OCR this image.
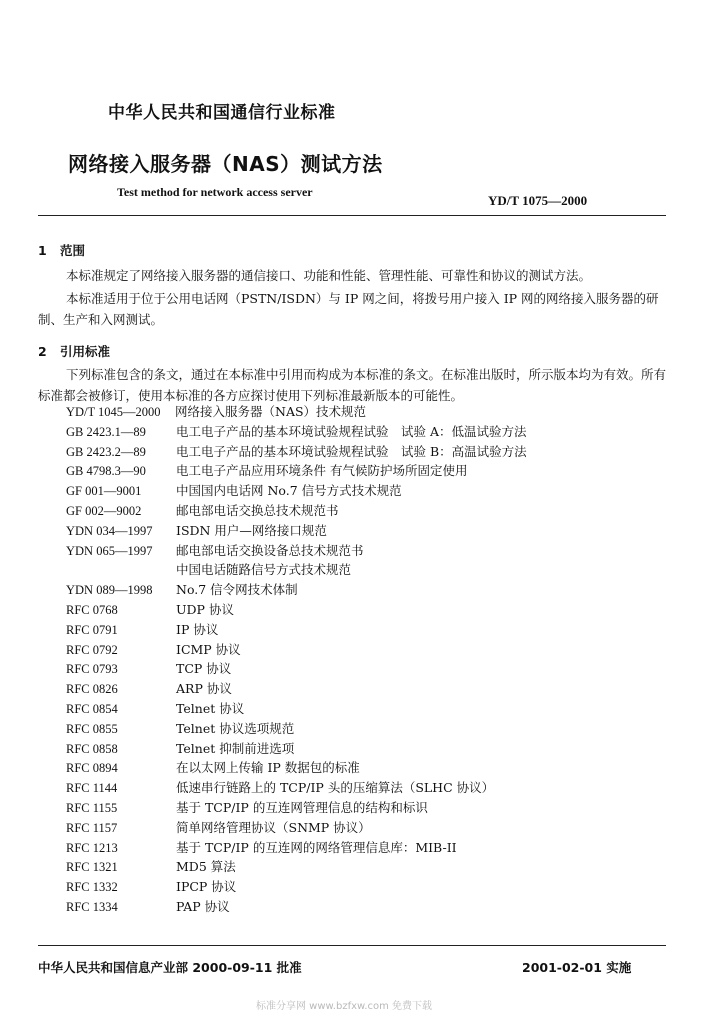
中华人民共和国通信行业标准
网络接入服务器（NAS）测试方法
Test method for network access server
YD/T 1075—2000
1 范围
本标准规定了网络接入服务器的通信接口、功能和性能、管理性能、可靠性和协议的测试方法。
本标准适用于位于公用电话网（PSTN/ISDN）与 IP 网之间，将拨号用户接入 IP 网的网络接入服务器的研制、生产和入网测试。
2 引用标准
下列标准包含的条文，通过在本标准中引用而构成为本标准的条文。在标准出版时，所示版本均为有效。所有标准都会被修订，使用本标准的各方应探讨使用下列标准最新版本的可能性。
YD/T 1045—2000 网络接入服务器（NAS）技术规范
GB 2423.1—89 电工电子产品的基本环境试验规程试验　试验 A：低温试验方法
GB 2423.2—89 电工电子产品的基本环境试验规程试验　试验 B：高温试验方法
GB 4798.3—90 电工电子产品应用环境条件 有气候防护场所固定使用
GF 001—9001	中国国内电话网 No.7 信号方式技术规范
GF 002—9002	邮电部电话交换总技术规范书
YDN 034—1997 ISDN 用户—网络接口规范
YDN 065—1997 邮电部电话交换设备总技术规范书
中国电话随路信号方式技术规范
YDN 089—1998 No.7 信令网技术体制
RFC 0768	UDP 协议
RFC 0791	IP 协议
RFC 0792	ICMP 协议
RFC 0793	TCP 协议
RFC 0826	ARP 协议
RFC 0854	Telnet 协议
RFC 0855	Telnet 协议选项规范
RFC 0858	Telnet 抑制前进选项
RFC 0894	在以太网上传输 IP 数据包的标准
RFC 1144	低速串行链路上的 TCP/IP 头的压缩算法（SLHC 协议）
RFC 1155	基于 TCP/IP 的互连网管理信息的结构和标识
RFC 1157	简单网络管理协议（SNMP 协议）
RFC 1213	基于 TCP/IP 的互连网的网络管理信息库：MIB-II
RFC 1321	MD5 算法
RFC 1332	IPCP 协议
RFC 1334	PAP 协议
中华人民共和国信息产业部 2000-09-11 批准	2001-02-01 实施
标准分享网 www.bzfxw.com 免费下载
